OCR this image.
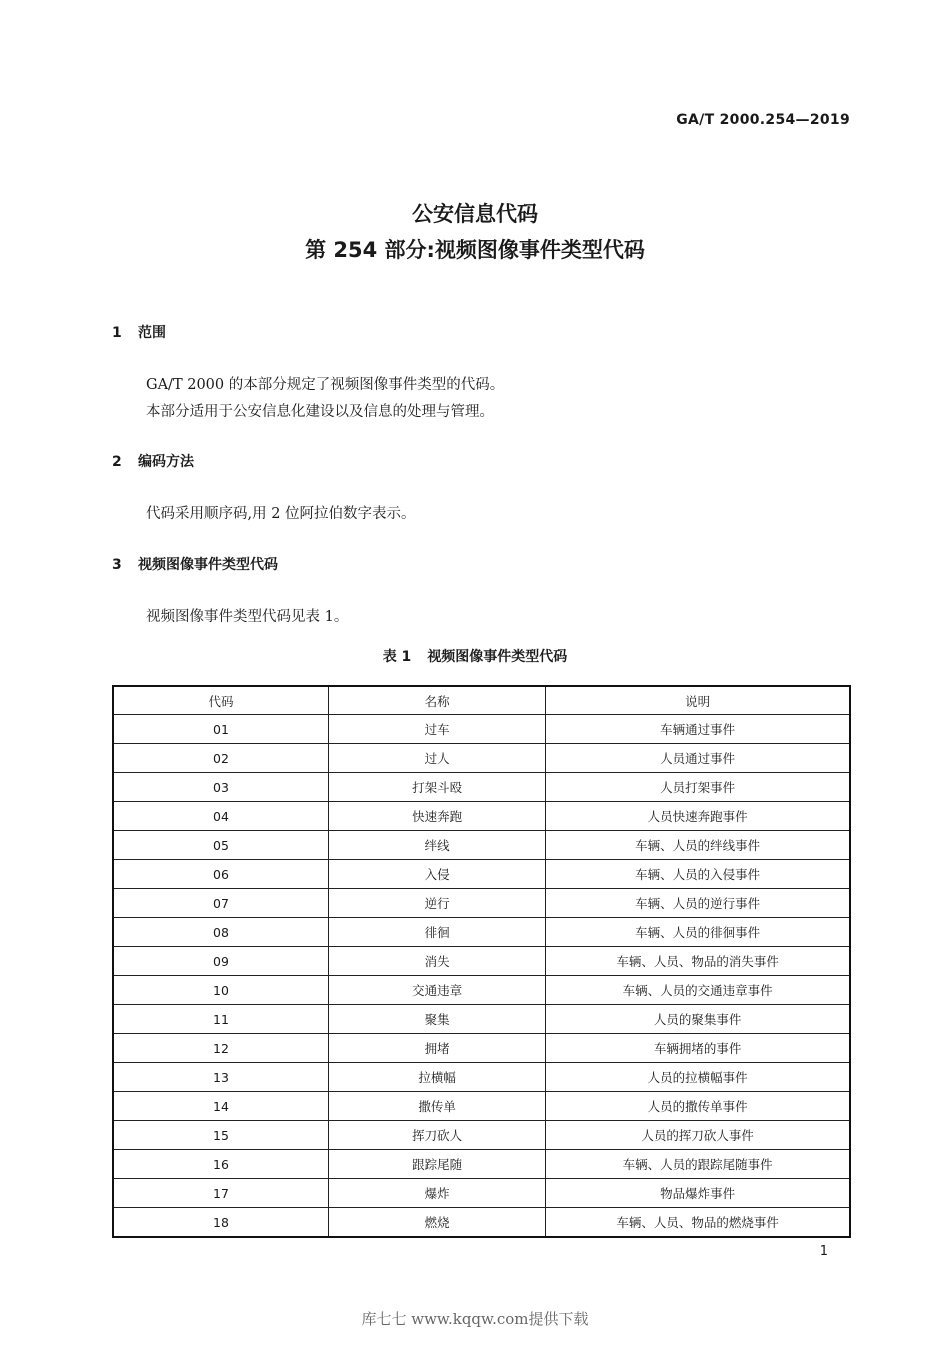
GA/T 2000.254—2019
公安信息代码
第 254 部分:视频图像事件类型代码
1 范围
GA/T 2000 的本部分规定了视频图像事件类型的代码。
本部分适用于公安信息化建设以及信息的处理与管理。
2 编码方法
代码采用顺序码,用 2 位阿拉伯数字表示。
3 视频图像事件类型代码
视频图像事件类型代码见表 1。
表 1 视频图像事件类型代码
代码	名称	说明
01	过车	车辆通过事件
02	过人	人员通过事件
03	打架斗殴	人员打架事件
04	快速奔跑	人员快速奔跑事件
05	绊线	车辆、人员的绊线事件
06	入侵	车辆、人员的入侵事件
07	逆行	车辆、人员的逆行事件
08	徘徊	车辆、人员的徘徊事件
09	消失	车辆、人员、物品的消失事件
10	交通违章	车辆、人员的交通违章事件
11	聚集	人员的聚集事件
12	拥堵	车辆拥堵的事件
13	拉横幅	人员的拉横幅事件
14	撒传单	人员的撒传单事件
15	挥刀砍人	人员的挥刀砍人事件
16	跟踪尾随	车辆、人员的跟踪尾随事件
17	爆炸	物品爆炸事件
18	燃烧	车辆、人员、物品的燃烧事件
1
库七七 www.kqqw.com提供下载
